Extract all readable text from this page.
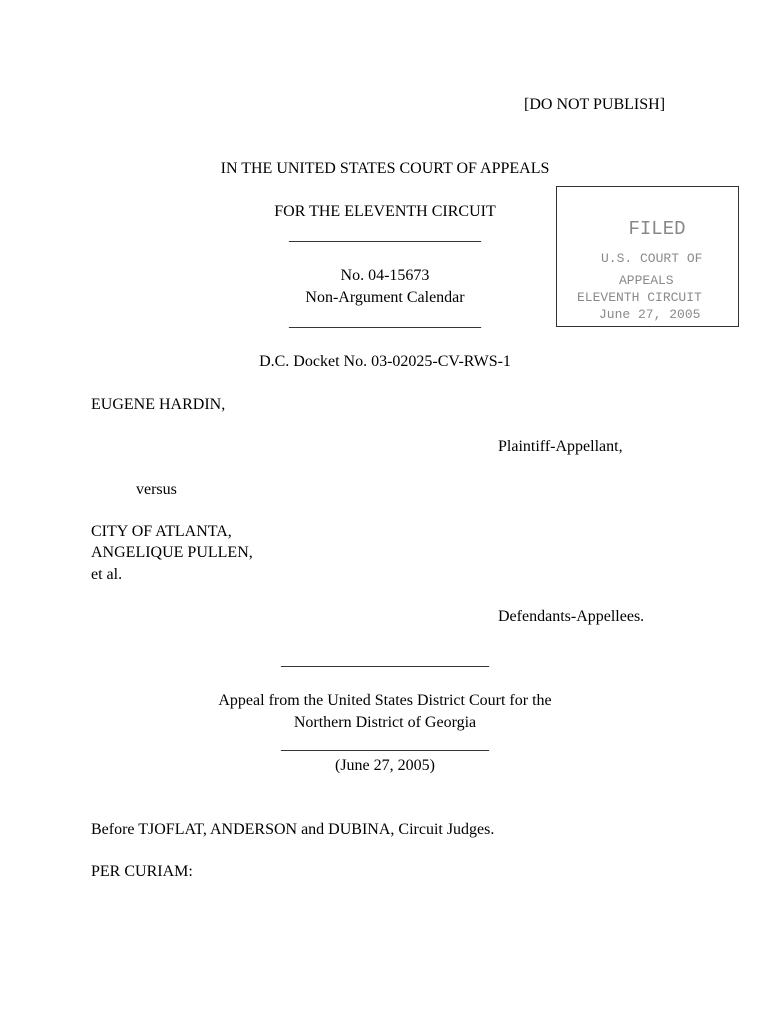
[DO NOT PUBLISH]
IN THE UNITED STATES COURT OF APPEALS
FOR THE ELEVENTH CIRCUIT
________________________
No. 04-15673
Non-Argument Calendar
________________________
FILED
U.S. COURT OF
APPEALS
ELEVENTH CIRCUIT
June 27, 2005
D.C. Docket No. 03-02025-CV-RWS-1
EUGENE HARDIN,
Plaintiff-Appellant,
versus
CITY OF ATLANTA,
ANGELIQUE PULLEN,
et al.
Defendants-Appellees.
__________________________
Appeal from the United States District Court for the
Northern District of Georgia
__________________________
(June 27, 2005)
Before TJOFLAT, ANDERSON and DUBINA, Circuit Judges.
PER CURIAM:
